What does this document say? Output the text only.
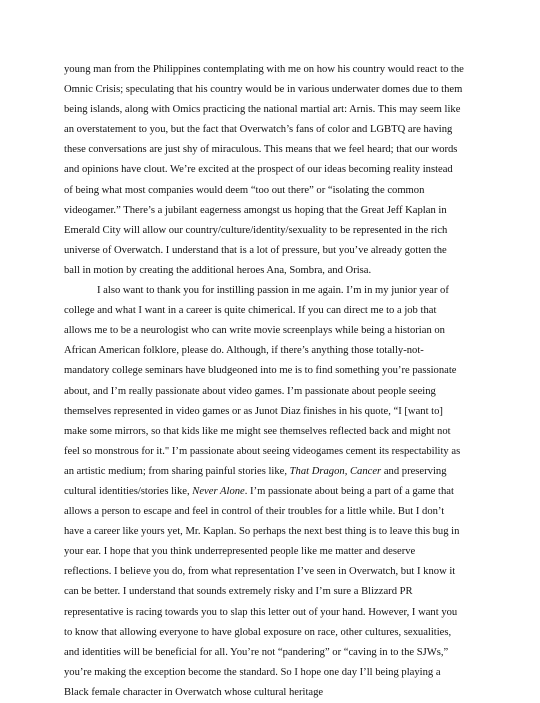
young man from the Philippines contemplating with me on how his country would react to the Omnic Crisis; speculating that his country would be in various underwater domes due to them being islands, along with Omics practicing the national martial art: Arnis. This may seem like an overstatement to you, but the fact that Overwatch’s fans of color and LGBTQ are having these conversations are just shy of miraculous. This means that we feel heard; that our words and opinions have clout. We’re excited at the prospect of our ideas becoming reality instead of being what most companies would deem “too out there” or “isolating the common videogamer.” There’s a jubilant eagerness amongst us hoping that the Great Jeff Kaplan in Emerald City will allow our country/culture/identity/sexuality to be represented in the rich universe of Overwatch. I understand that is a lot of pressure, but you’ve already gotten the ball in motion by creating the additional heroes Ana, Sombra, and Orisa.

I also want to thank you for instilling passion in me again. I’m in my junior year of college and what I want in a career is quite chimerical. If you can direct me to a job that allows me to be a neurologist who can write movie screenplays while being a historian on African American folklore, please do. Although, if there’s anything those totally-not-mandatory college seminars have bludgeoned into me is to find something you’re passionate about, and I’m really passionate about video games. I’m passionate about people seeing themselves represented in video games or as Junot Diaz finishes in his quote, “I [want to] make some mirrors, so that kids like me might see themselves reflected back and might not feel so monstrous for it." I’m passionate about seeing videogames cement its respectability as an artistic medium; from sharing painful stories like, That Dragon, Cancer and preserving cultural identities/stories like, Never Alone. I’m passionate about being a part of a game that allows a person to escape and feel in control of their troubles for a little while. But I don’t have a career like yours yet, Mr. Kaplan. So perhaps the next best thing is to leave this bug in your ear. I hope that you think underrepresented people like me matter and deserve reflections. I believe you do, from what representation I’ve seen in Overwatch, but I know it can be better. I understand that sounds extremely risky and I’m sure a Blizzard PR representative is racing towards you to slap this letter out of your hand. However, I want you to know that allowing everyone to have global exposure on race, other cultures, sexualities, and identities will be beneficial for all. You’re not “pandering” or “caving in to the SJWs,” you’re making the exception become the standard. So I hope one day I’ll being playing a Black female character in Overwatch whose cultural heritage
